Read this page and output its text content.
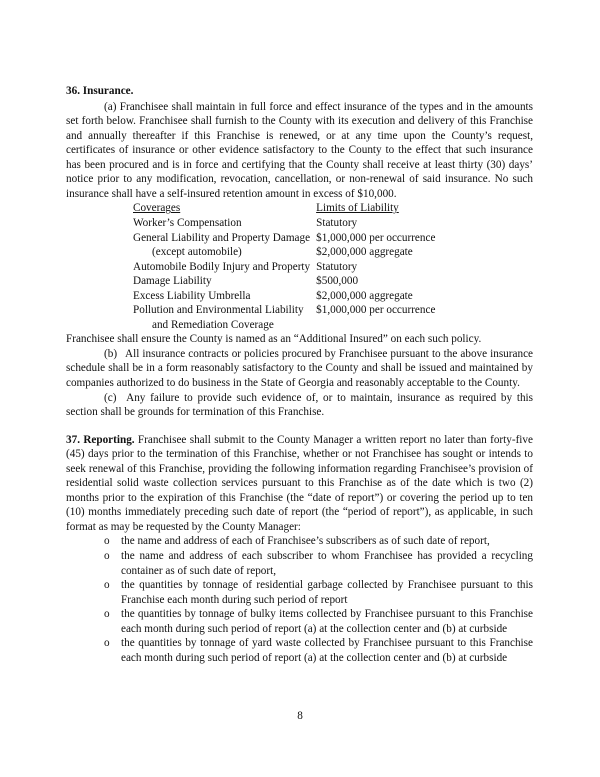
36. Insurance.

(a) Franchisee shall maintain in full force and effect insurance of the types and in the amounts set forth below. Franchisee shall furnish to the County with its execution and delivery of this Franchise and annually thereafter if this Franchise is renewed, or at any time upon the County’s request, certificates of insurance or other evidence satisfactory to the County to the effect that such insurance has been procured and is in force and certifying that the County shall receive at least thirty (30) days’ notice prior to any modification, revocation, cancellation, or non-renewal of said insurance. No such insurance shall have a self-insured retention amount in excess of $10,000.

Coverages	Limits of Liability
Worker’s Compensation	Statutory
General Liability and Property Damage	$1,000,000 per occurrence
(except automobile)	$2,000,000 aggregate
Automobile Bodily Injury and Property	Statutory
Damage Liability	$500,000
Excess Liability Umbrella	$2,000,000 aggregate
Pollution and Environmental Liability	$1,000,000 per occurrence
and Remediation Coverage	

Franchisee shall ensure the County is named as an “Additional Insured” on each such policy.

(b)  All insurance contracts or policies procured by Franchisee pursuant to the above insurance schedule shall be in a form reasonably satisfactory to the County and shall be issued and maintained by companies authorized to do business in the State of Georgia and reasonably acceptable to the County.

(c)  Any failure to provide such evidence of, or to maintain, insurance as required by this section shall be grounds for termination of this Franchise.

37. Reporting. Franchisee shall submit to the County Manager a written report no later than forty-five (45) days prior to the termination of this Franchise, whether or not Franchisee has sought or intends to seek renewal of this Franchise, providing the following information regarding Franchisee’s provision of residential solid waste collection services pursuant to this Franchise as of the date which is two (2) months prior to the expiration of this Franchise (the “date of report”) or covering the period up to ten (10) months immediately preceding such date of report (the “period of report”), as applicable, in such format as may be requested by the County Manager:

o the name and address of each of Franchisee’s subscribers as of such date of report,
o the name and address of each subscriber to whom Franchisee has provided a recycling container as of such date of report,
o the quantities by tonnage of residential garbage collected by Franchisee pursuant to this Franchise each month during such period of report
o the quantities by tonnage of bulky items collected by Franchisee pursuant to this Franchise each month during such period of report (a) at the collection center and (b) at curbside
o the quantities by tonnage of yard waste collected by Franchisee pursuant to this Franchise each month during such period of report (a) at the collection center and (b) at curbside
8
